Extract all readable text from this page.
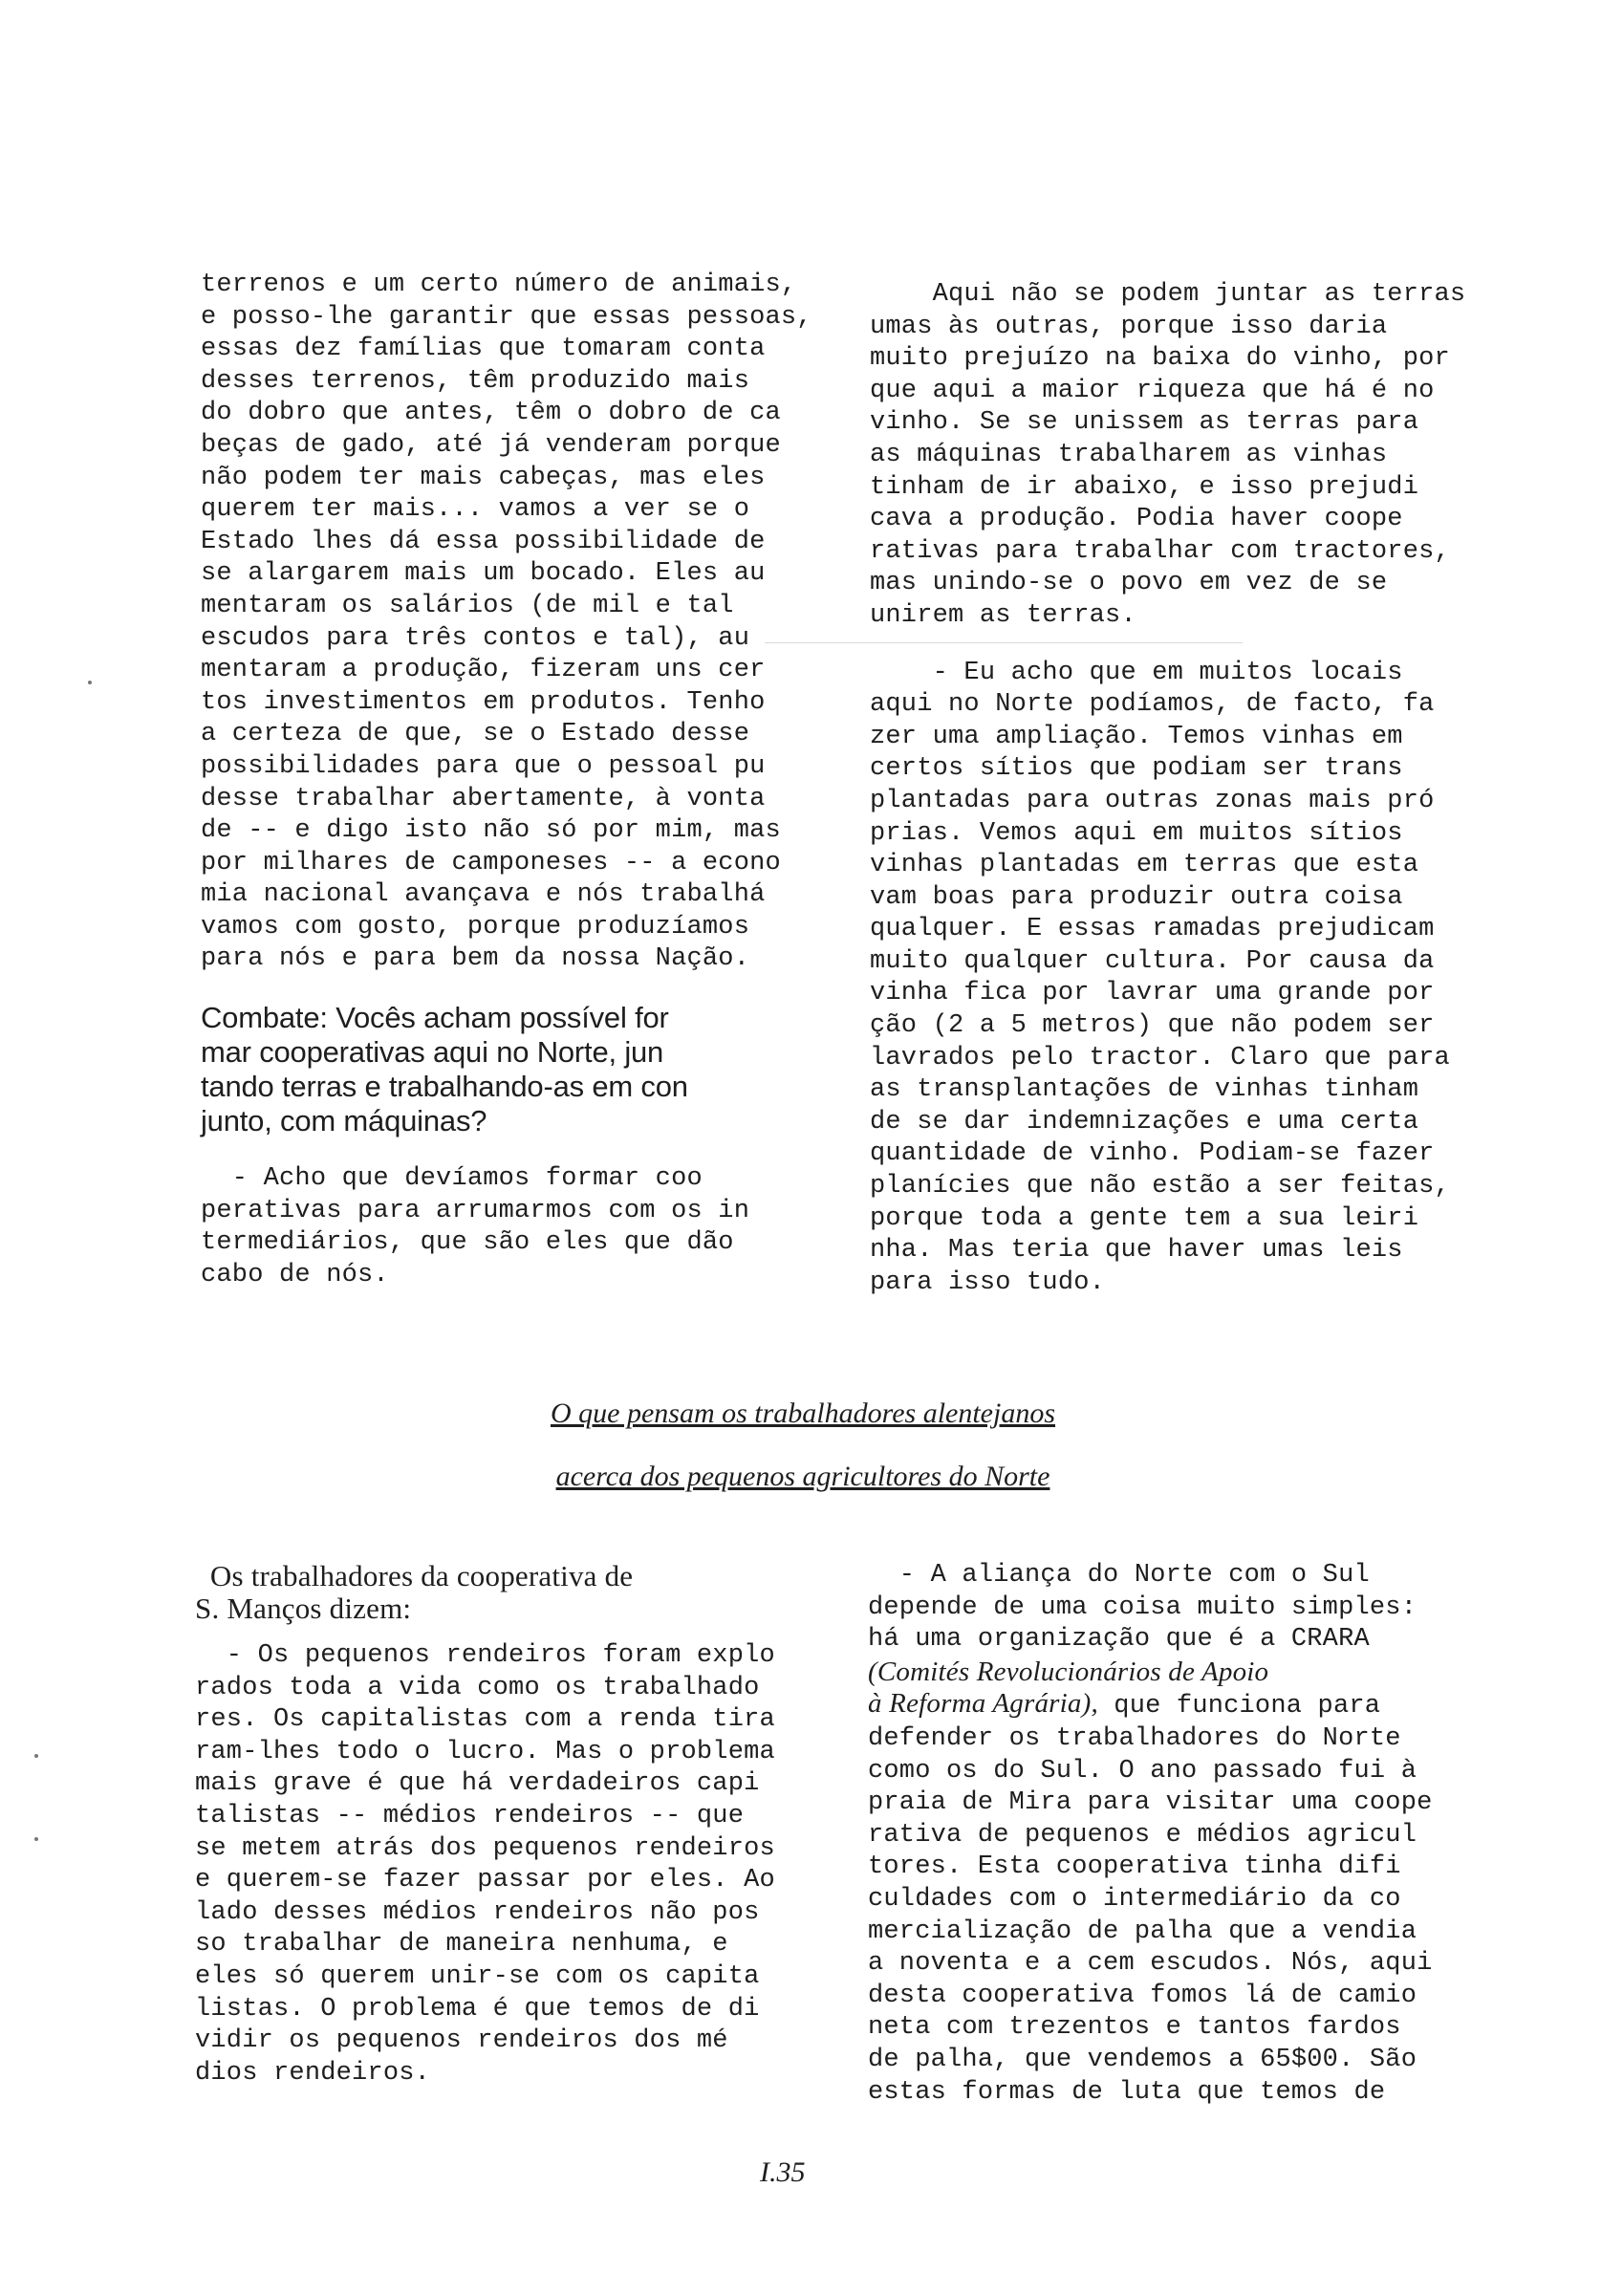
terrenos e um certo número de animais,
e posso-lhe garantir que essas pessoas,
essas dez famílias que tomaram conta
desses terrenos, têm produzido mais
do dobro que antes, têm o dobro de ca
beças de gado, até já venderam porque
não podem ter mais cabeças, mas eles
querem ter mais... vamos a ver se o
Estado lhes dá essa possibilidade de
se alargarem mais um bocado. Eles au
mentaram os salários (de mil e tal
escudos para três contos e tal), au
mentaram a produção, fizeram uns cer
tos investimentos em produtos. Tenho
a certeza de que, se o Estado desse
possibilidades para que o pessoal pu
desse trabalhar abertamente, à vonta
de -- e digo isto não só por mim, mas
por milhares de camponeses -- a econo
mia nacional avançava e nós trabalhá
vamos com gosto, porque produzíamos
para nós e para bem da nossa Nação.
Combate: Vocês acham possível for
mar cooperativas aqui no Norte, jun
tando terras e trabalhando-as em con
junto, com máquinas?
- Acho que devíamos formar coo
perativas para arrumarmos com os in
termediários, que são eles que dão
cabo de nós.
Aqui não se podem juntar as terras
umas às outras, porque isso daria
muito prejuízo na baixa do vinho, por
que aqui a maior riqueza que há é no
vinho. Se se unissem as terras para
as máquinas trabalharem as vinhas
tinham de ir abaixo, e isso prejudi
cava a produção. Podia haver coope
rativas para trabalhar com tractores,
mas unindo-se o povo em vez de se
unirem as terras.
- Eu acho que em muitos locais
aqui no Norte podíamos, de facto, fa
zer uma ampliação. Temos vinhas em
certos sítios que podiam ser trans
plantadas para outras zonas mais pró
prias. Vemos aqui em muitos sítios
vinhas plantadas em terras que esta
vam boas para produzir outra coisa
qualquer. E essas ramadas prejudicam
muito qualquer cultura. Por causa da
vinha fica por lavrar uma grande por
ção (2 a 5 metros) que não podem ser
lavrados pelo tractor. Claro que para
as transplantações de vinhas tinham
de se dar indemnizações e uma certa
quantidade de vinho. Podiam-se fazer
planícies que não estão a ser feitas,
porque toda a gente tem a sua leiri
nha. Mas teria que haver umas leis
para isso tudo.
O que pensam os trabalhadores alentejanos
acerca dos pequenos agricultores do Norte
Os trabalhadores da cooperativa de
S. Manços dizem:
- Os pequenos rendeiros foram explo
rados toda a vida como os trabalhado
res. Os capitalistas com a renda tira
ram-lhes todo o lucro. Mas o problema
mais grave é que há verdadeiros capi
talistas -- médios rendeiros -- que
se metem atrás dos pequenos rendeiros
e querem-se fazer passar por eles. Ao
lado desses médios rendeiros não pos
so trabalhar de maneira nenhuma, e
eles só querem unir-se com os capita
listas. O problema é que temos de di
vidir os pequenos rendeiros dos mé
dios rendeiros.
- A aliança do Norte com o Sul
depende de uma coisa muito simples:
há uma organização que é a CRARA
(Comités Revolucionários de Apoio
à Reforma Agrária), que funciona para
defender os trabalhadores do Norte
como os do Sul. O ano passado fui à
praia de Mira para visitar uma coope
rativa de pequenos e médios agricul
tores. Esta cooperativa tinha difi
culdades com o intermediário da co
mercialização de palha que a vendia
a noventa e a cem escudos. Nós, aqui
desta cooperativa fomos lá de camio
neta com trezentos e tantos fardos
de palha, que vendemos a 65$00. São
estas formas de luta que temos de
I.35
